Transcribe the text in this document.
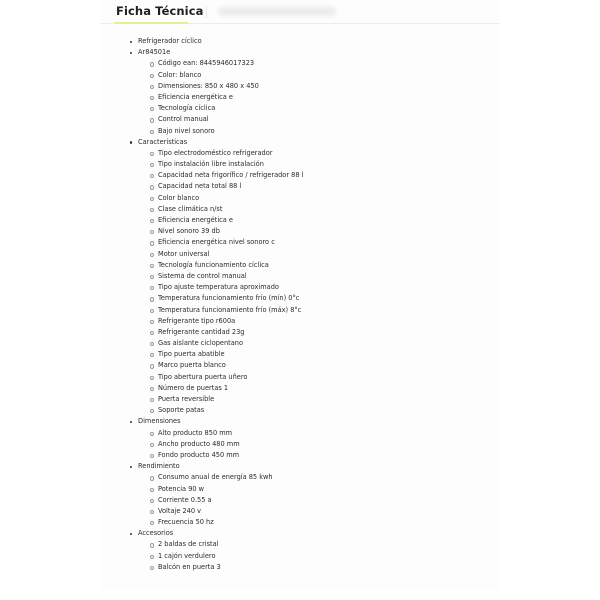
Ficha Técnica
Refrigerador cíclico
Ar84501e
Código ean: 8445946017323
Color: blanco
Dimensiones: 850 x 480 x 450
Eficiencia energética e
Tecnología cíclica
Control manual
Bajo nivel sonoro
Características
Tipo electrodoméstico refrigerador
Tipo instalación libre instalación
Capacidad neta frigorífico / refrigerador 88 l
Capacidad neta total 88 l
Color blanco
Clase climática n/st
Eficiencia energética e
Nivel sonoro 39 db
Eficiencia energética nivel sonoro c
Motor universal
Tecnología funcionamiento cíclica
Sistema de control manual
Tipo ajuste temperatura aproximado
Temperatura funcionamiento frío (mín) 0°c
Temperatura funcionamiento frío (máx) 8°c
Refrigerante tipo r600a
Refrigerante cantidad 23g
Gas aislante ciclopentano
Tipo puerta abatible
Marco puerta blanco
Tipo abertura puerta uñero
Número de puertas 1
Puerta reversible
Soporte patas
Dimensiones
Alto producto 850 mm
Ancho producto 480 mm
Fondo producto 450 mm
Rendimiento
Consumo anual de energía 85 kwh
Potencia 90 w
Corriente 0.55 a
Voltaje 240 v
Frecuencia 50 hz
Accesorios
2 baldas de cristal
1 cajón verdulero
Balcón en puerta 3
